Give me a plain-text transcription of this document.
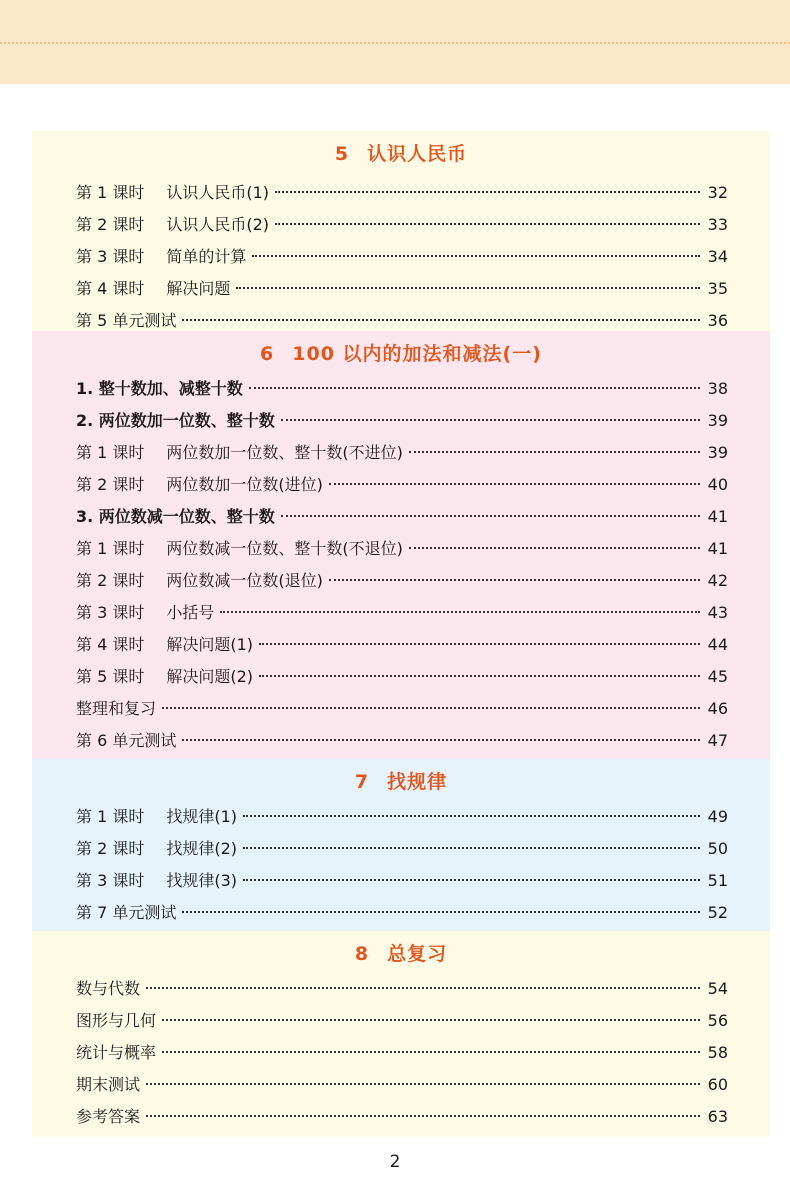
5 认识人民币
第 1 课时 认识人民币(1)	32
第 2 课时 认识人民币(2)	33
第 3 课时 简单的计算	34
第 4 课时 解决问题	35
第 5 单元测试	36
6 100 以内的加法和减法(一)
1. 整十数加、减整十数	38
2. 两位数加一位数、整十数	39
第 1 课时 两位数加一位数、整十数(不进位)	39
第 2 课时 两位数加一位数(进位)	40
3. 两位数减一位数、整十数	41
第 1 课时 两位数减一位数、整十数(不退位)	41
第 2 课时 两位数减一位数(退位)	42
第 3 课时 小括号	43
第 4 课时 解决问题(1)	44
第 5 课时 解决问题(2)	45
整理和复习	46
第 6 单元测试	47
7 找规律
第 1 课时 找规律(1)	49
第 2 课时 找规律(2)	50
第 3 课时 找规律(3)	51
第 7 单元测试	52
8 总复习
数与代数	54
图形与几何	56
统计与概率	58
期末测试	60
参考答案	63
2
